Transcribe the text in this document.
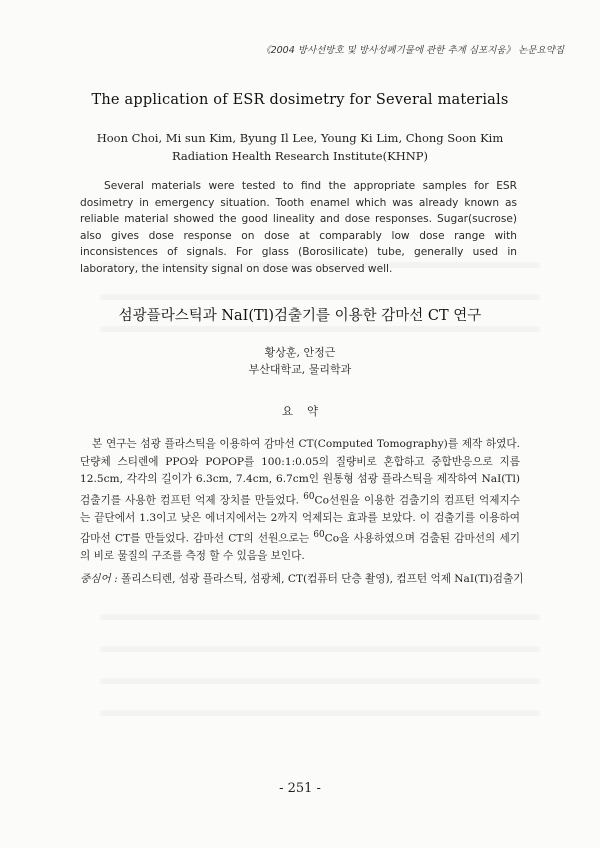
《2004 방사선방호 및 방사성폐기물에 관한 추계 심포지움》 논문요약집
The application of ESR dosimetry for Several materials
Hoon Choi, Mi sun Kim, Byung Il Lee, Young Ki Lim, Chong Soon Kim
Radiation Health Research Institute(KHNP)

Several materials were tested to find the appropriate samples for ESR dosimetry in emergency situation. Tooth enamel which was already known as reliable material showed the good lineality and dose responses. Sugar(sucrose) also gives dose response on dose at comparably low dose range with inconsistences of signals. For glass (Borosilicate) tube, generally used in laboratory, the intensity signal on dose was observed well.

섬광플라스틱과 NaI(Tl)검출기를 이용한 감마선 CT 연구
황상훈, 안정근
부산대학교, 물리학과
요약

본 연구는 섬광 플라스틱을 이용하여 감마선 CT(Computed Tomography)를 제작 하였다. 단량체 스티렌에 PPO와 POPOP를 100:1:0.05의 질량비로 혼합하고 중합반응으로 지름 12.5cm, 각각의 길이가 6.3cm, 7.4cm, 6.7cm인 원통형 섬광 플라스틱을 제작하여 NaI(Tl) 검출기를 사용한 컴프턴 억제 장치를 만들었다. $^{60}$Co선원을 이용한 검출기의 컴프턴 억제지수는 끝단에서 1.3이고 낮은 에너지에서는 2까지 억제되는 효과를 보았다. 이 검출기를 이용하여 감마선 CT를 만들었다. 감마선 CT의 선원으로는 $^{60}$Co을 사용하였으며 검출된 감마선의 세기의 비로 물질의 구조를 측정 할 수 있음을 보인다.

중심어 : 폴리스티렌, 섬광 플라스틱, 섬광체, CT(컴퓨터 단층 촬영), 컴프턴 억제 NaI(Tl)검출기

- 251 -
